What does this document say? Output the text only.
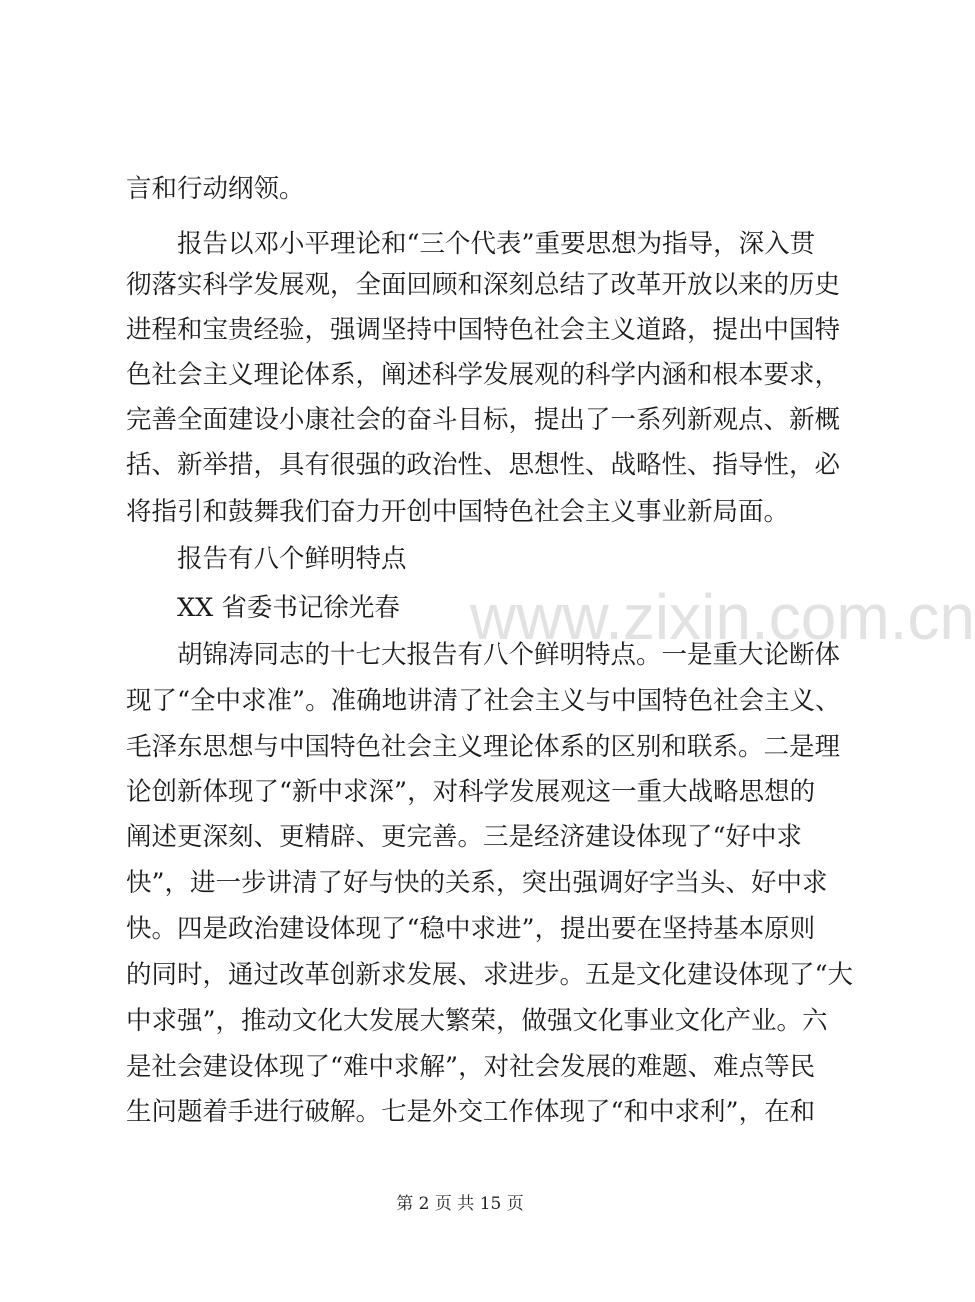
www.zixin.com.cn
言和行动纲领。
　　报告以邓小平理论和“三个代表”重要思想为指导，深入贯
彻落实科学发展观，全面回顾和深刻总结了改革开放以来的历史
进程和宝贵经验，强调坚持中国特色社会主义道路，提出中国特
色社会主义理论体系，阐述科学发展观的科学内涵和根本要求，
完善全面建设小康社会的奋斗目标，提出了一系列新观点、新概
括、新举措，具有很强的政治性、思想性、战略性、指导性，必
将指引和鼓舞我们奋力开创中国特色社会主义事业新局面。
　　报告有八个鲜明特点
　　XX 省委书记徐光春
　　胡锦涛同志的十七大报告有八个鲜明特点。一是重大论断体
现了“全中求准”。准确地讲清了社会主义与中国特色社会主义、
毛泽东思想与中国特色社会主义理论体系的区别和联系。二是理
论创新体现了“新中求深”，对科学发展观这一重大战略思想的
阐述更深刻、更精辟、更完善。三是经济建设体现了“好中求
快”，进一步讲清了好与快的关系，突出强调好字当头、好中求
快。四是政治建设体现了“稳中求进”，提出要在坚持基本原则
的同时，通过改革创新求发展、求进步。五是文化建设体现了“大
中求强”，推动文化大发展大繁荣，做强文化事业文化产业。六
是社会建设体现了“难中求解”，对社会发展的难题、难点等民
生问题着手进行破解。七是外交工作体现了“和中求利”，在和
第 2 页 共 15 页
